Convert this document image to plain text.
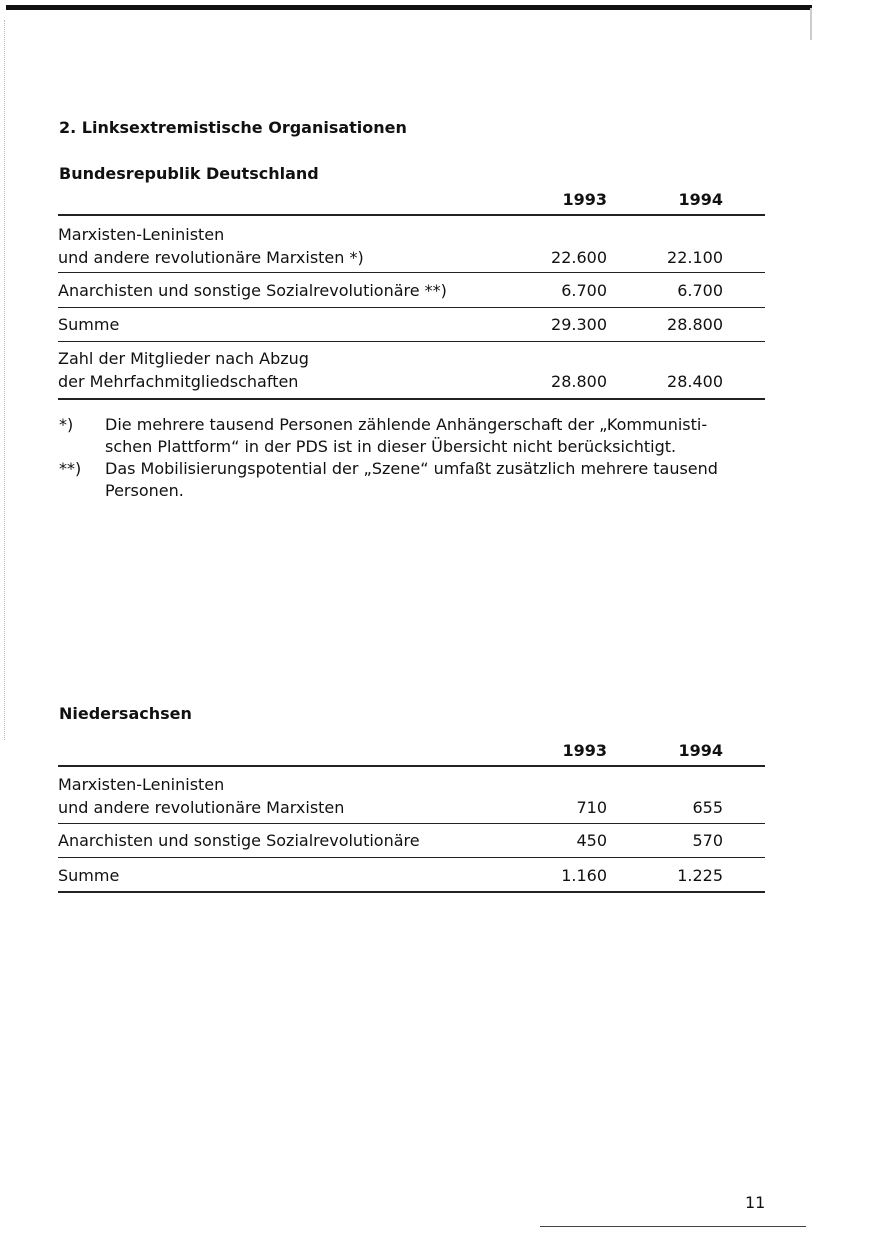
2. Linksextremistische Organisationen
Bundesrepublik Deutschland
1993	1994
Marxisten-Leninisten
und andere revolutionäre Marxisten *)	22.600	22.100
Anarchisten und sonstige Sozialrevolutionäre **)	6.700	6.700
Summe	29.300	28.800
Zahl der Mitglieder nach Abzug
der Mehrfachmitgliedschaften	28.800	28.400
*) Die mehrere tausend Personen zählende Anhängerschaft der „Kommunisti-
schen Plattform“ in der PDS ist in dieser Übersicht nicht berücksichtigt.
**) Das Mobilisierungspotential der „Szene“ umfaßt zusätzlich mehrere tausend
Personen.
Niedersachsen
1993	1994
Marxisten-Leninisten
und andere revolutionäre Marxisten	710	655
Anarchisten und sonstige Sozialrevolutionäre	450	570
Summe	1.160	1.225
11
